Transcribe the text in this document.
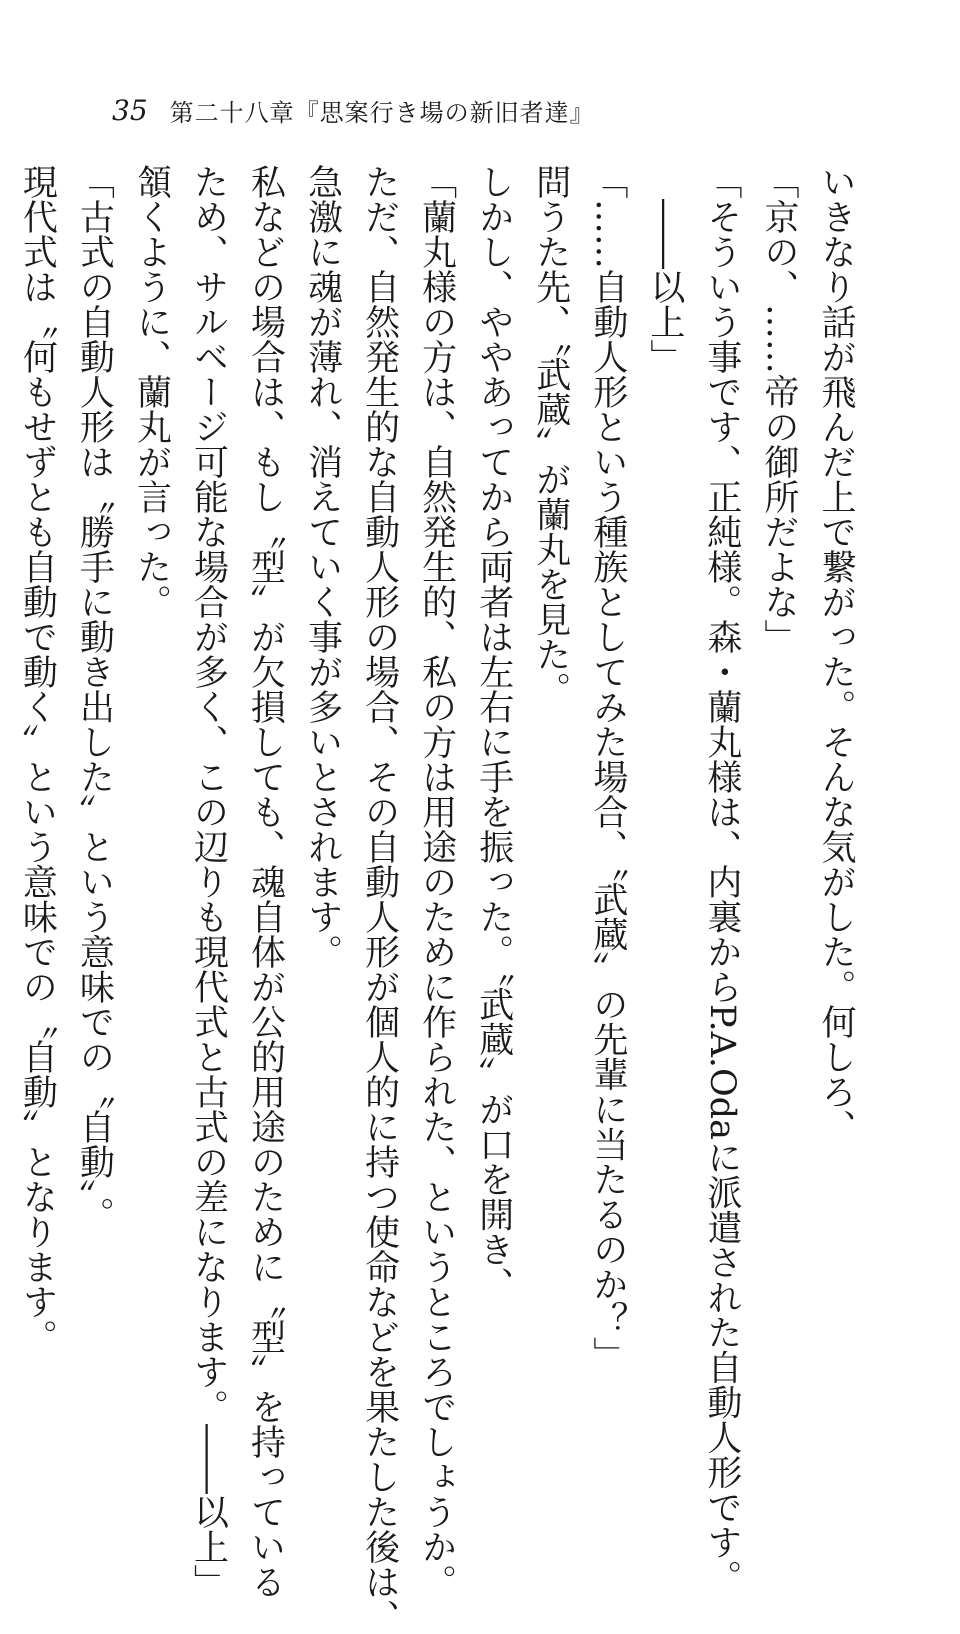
35 第二十八章『思案行き場の新旧者達』
いきなり話が飛んだ上で繋がった。そんな気がした。何しろ、
「京の、……帝の御所だよな」
「そういう事です、正純様。森・蘭丸様は、内裏からP.A.Odaに派遣された自動人形です。
　――以上」
「……自動人形という種族としてみた場合、〝武蔵〟の先輩に当たるのか？」
問うた先、〝武蔵〟が蘭丸を見た。
しかし、ややあってから両者は左右に手を振った。〝武蔵〟が口を開き、
「蘭丸様の方は、自然発生的、私の方は用途のために作られた、というところでしょうか。
ただ、自然発生的な自動人形の場合、その自動人形が個人的に持つ使命などを果たした後は、
急激に魂が薄れ、消えていく事が多いとされます。
私などの場合は、もし〝型〟が欠損しても、魂自体が公的用途のために〝型〟を持っている
ため、サルベージ可能な場合が多く、この辺りも現代式と古式の差になります。――以上」
頷くように、蘭丸が言った。
「古式の自動人形は〝勝手に動き出した〟という意味での〝自動〟。
現代式は〝何もせずとも自動で動く〟という意味での〝自動〟となります。
